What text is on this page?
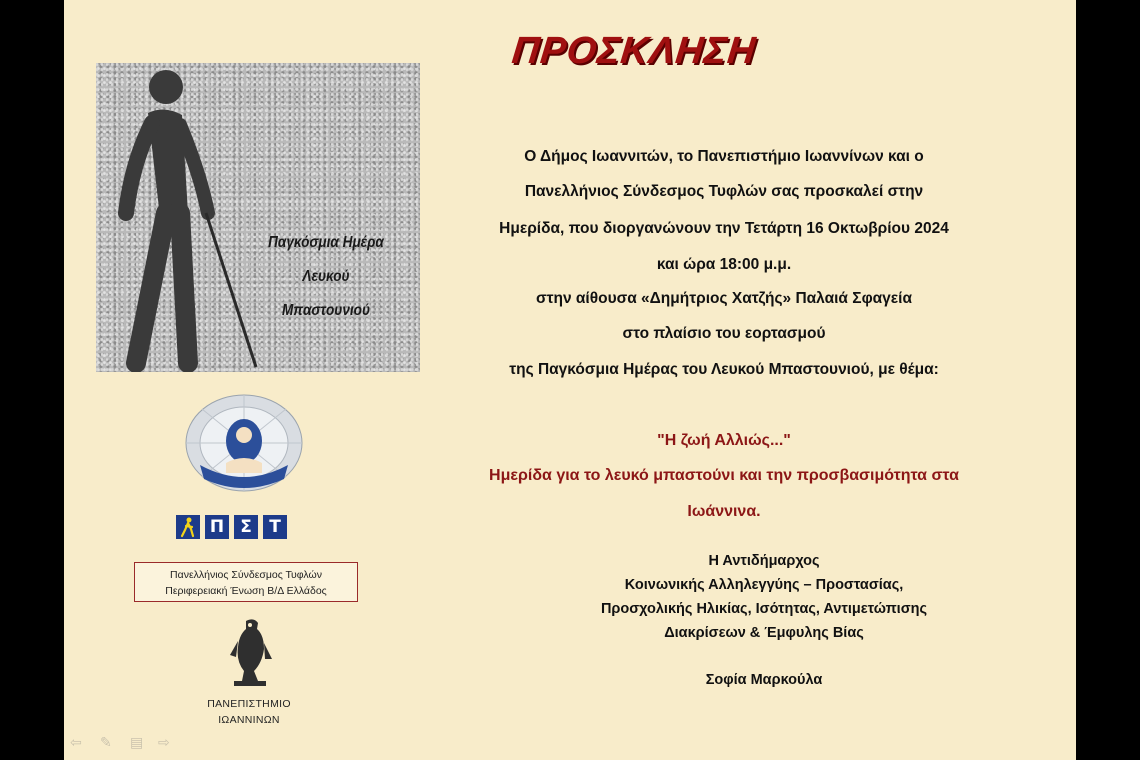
ΠΡΟΣΚΛΗΣΗ
Παγκόσμια Ημέρα
Λευκού Μπαστουνιού
Π Σ	Τ
Πανελλήνιος Σύνδεσμος Τυφλών
Περιφερειακή Ένωση Β/Δ Ελλάδος
ΠΑΝΕΠΙΣΤΗΜΙΟ
ΙΩΑΝΝΙΝΩΝ
Ο Δήμος Ιωαννιτών, το Πανεπιστήμιο Ιωαννίνων και ο
Πανελλήνιος Σύνδεσμος Τυφλών σας προσκαλεί στην
Ημερίδα, που διοργανώνουν την Τετάρτη 16 Οκτωβρίου 2024
και ώρα 18:00 μ.μ.
στην αίθουσα «Δημήτριος Χατζής» Παλαιά Σφαγεία
στο πλαίσιο του εορτασμού
της Παγκόσμια Ημέρας του Λευκού Μπαστουνιού, με θέμα:
"Η ζωή Αλλιώς..."
Ημερίδα για το λευκό μπαστούνι και την προσβασιμότητα στα
Ιωάννινα.
Η Αντιδήμαρχος
Κοινωνικής Αλληλεγγύης – Προστασίας,
Προσχολικής Ηλικίας, Ισότητας, Αντιμετώπισης
Διακρίσεων & Έμφυλης Βίας
Σοφία Μαρκούλα
⇦ ✎ ▤ ⇨
